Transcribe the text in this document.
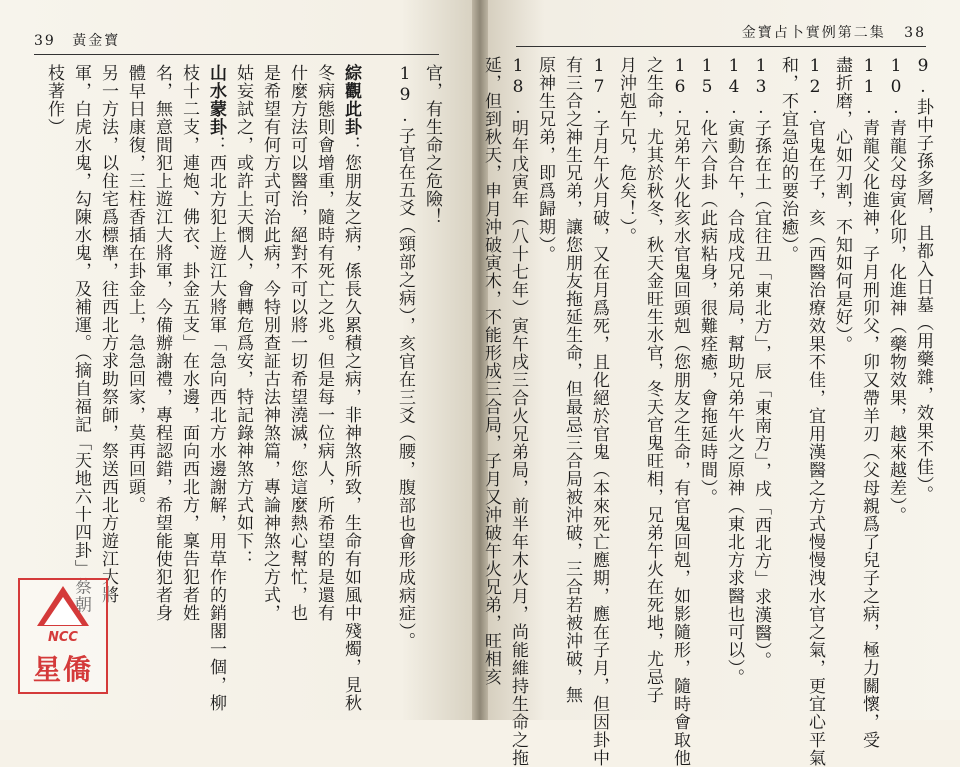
39 黃金寶
官，有生命之危險！
19.子官在五爻（頸部之病），亥官在三爻（腰，腹部也會形成病症）。

綜觀此卦：您朋友之病，係長久累積之病，非神煞所致，生命有如風中殘燭，見秋
冬病態則會增重，隨時有死亡之兆。但是每一位病人，所希望的是還有
什麼方法可以醫治，絕對不可以將一切希望澆滅，您這麼熱心幫忙，也
是希望有何方式可治此病，今特別查証古法神煞篇，專論神煞之方式，
姑妄試之，或許上天憫人，會轉危爲安，特記錄神煞方式如下：
山水蒙卦：西北方犯上遊江大將軍「急向西北方水邊謝解，用草作的銷閣一個，柳
枝十二支，連炮、佛衣、卦金五支」在水邊，面向西北方，稟告犯者姓
名，無意間犯上遊江大將軍，今備辦謝禮，專程認錯，希望能使犯者身
體早日康復，三柱香插在卦金上，急急回家，莫再回頭。
另一方法，以住宅爲標準，往西北方求助祭師，祭送西北方遊江大將
軍，白虎水鬼，勾陳水鬼，及補運。（摘自福記「天地六十四卦」蔡朝
枝著作）
NCC
星僑
金寶占卜實例第二集 38
9.卦中子孫多層，且都入日墓（用藥雜，效果不佳）。
10.青龍父母寅化卯，化進神（藥物效果，越來越差）。
11.青龍父化進神，子月刑卯父，卯又帶羊刃（父母親爲了兒子之病，極力關懷，受
盡折磨，心如刀割，不知如何是好）。
12.官鬼在子，亥（西醫治療效果不佳，宜用漢醫之方式慢慢洩水官之氣，更宜心平氣
和，不宜急迫的要治癒）。
13.子孫在土（宜往丑「東北方」，辰「東南方」，戌「西北方」求漢醫）。
14.寅動合午，合成戌兄弟局，幫助兄弟午火之原神（東北方求醫也可以）。
15.化六合卦（此病粘身，很難痊癒，會拖延時間）。
16.兄弟午火化亥水官鬼回頭剋（您朋友之生命，有官鬼回剋，如影隨形，隨時會取他
之生命，尤其於秋冬，秋天金旺生水官，冬天官鬼旺相，兄弟午火在死地，尤忌子
月沖剋午兄，危矣！）。
17.子月午火月破，又在月爲死，且化絕於官鬼（本來死亡應期，應在子月，但因卦中
有三合之神生兄弟，讓您朋友拖延生命，但最忌三合局被沖破，三合若被沖破，無
原神生兄弟，即爲歸期）。
18.明年戊寅年（八十七年）寅午戌三合火兄弟局，前半年木火月，尚能維持生命之拖
延，但到秋天，申月沖破寅木，不能形成三合局，子月又沖破午火兄弟，旺相亥
